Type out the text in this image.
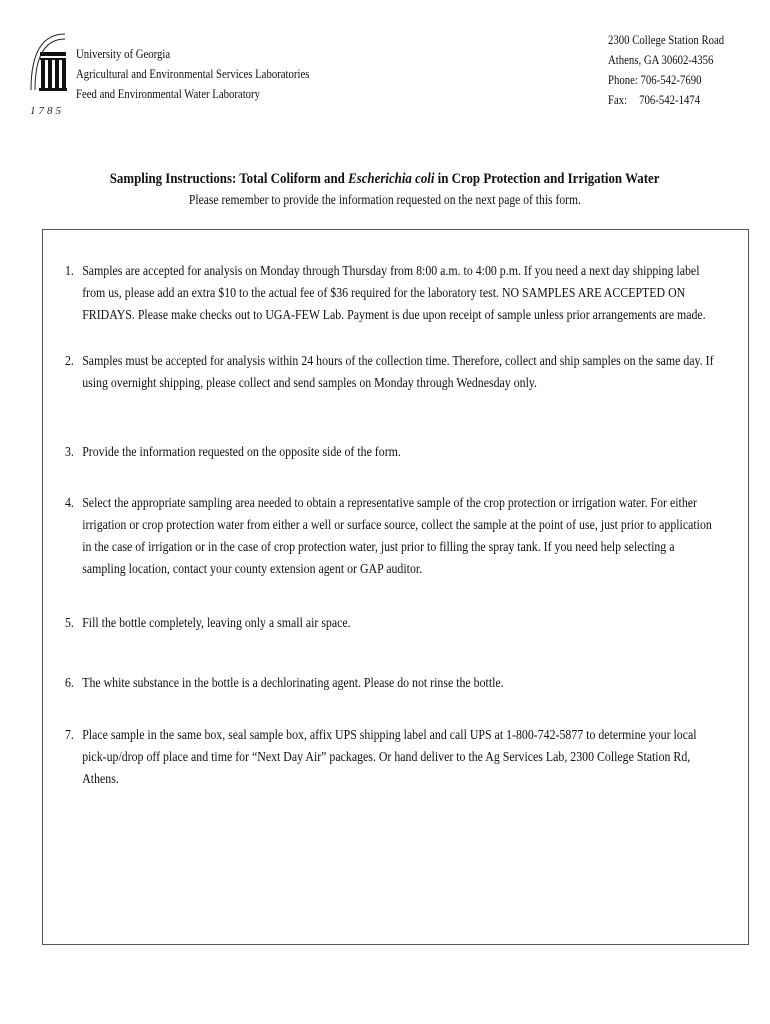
1785
University of Georgia
Agricultural and Environmental Services Laboratories
Feed and Environmental Water Laboratory
2300 College Station Road
Athens, GA 30602-4356
Phone: 706-542-7690
Fax: 706-542-1474
Sampling Instructions: Total Coliform and Escherichia coli in Crop Protection and Irrigation Water
Please remember to provide the information requested on the next page of this form.
1. Samples are accepted for analysis on Monday through Thursday from 8:00 a.m. to 4:00 p.m. If you need a next day shipping label from us, please add an extra $10 to the actual fee of $36 required for the laboratory test. NO SAMPLES ARE ACCEPTED ON FRIDAYS. Please make checks out to UGA-FEW Lab. Payment is due upon receipt of sample unless prior arrangements are made.
2. Samples must be accepted for analysis within 24 hours of the collection time. Therefore, collect and ship samples on the same day. If using overnight shipping, please collect and send samples on Monday through Wednesday only.
3. Provide the information requested on the opposite side of the form.
4. Select the appropriate sampling area needed to obtain a representative sample of the crop protection or irrigation water. For either irrigation or crop protection water from either a well or surface source, collect the sample at the point of use, just prior to application in the case of irrigation or in the case of crop protection water, just prior to filling the spray tank. If you need help selecting a sampling location, contact your county extension agent or GAP auditor.
5. Fill the bottle completely, leaving only a small air space.
6. The white substance in the bottle is a dechlorinating agent. Please do not rinse the bottle.
7. Place sample in the same box, seal sample box, affix UPS shipping label and call UPS at 1-800-742-5877 to determine your local pick-up/drop off place and time for “Next Day Air” packages. Or hand deliver to the Ag Services Lab, 2300 College Station Rd, Athens.
